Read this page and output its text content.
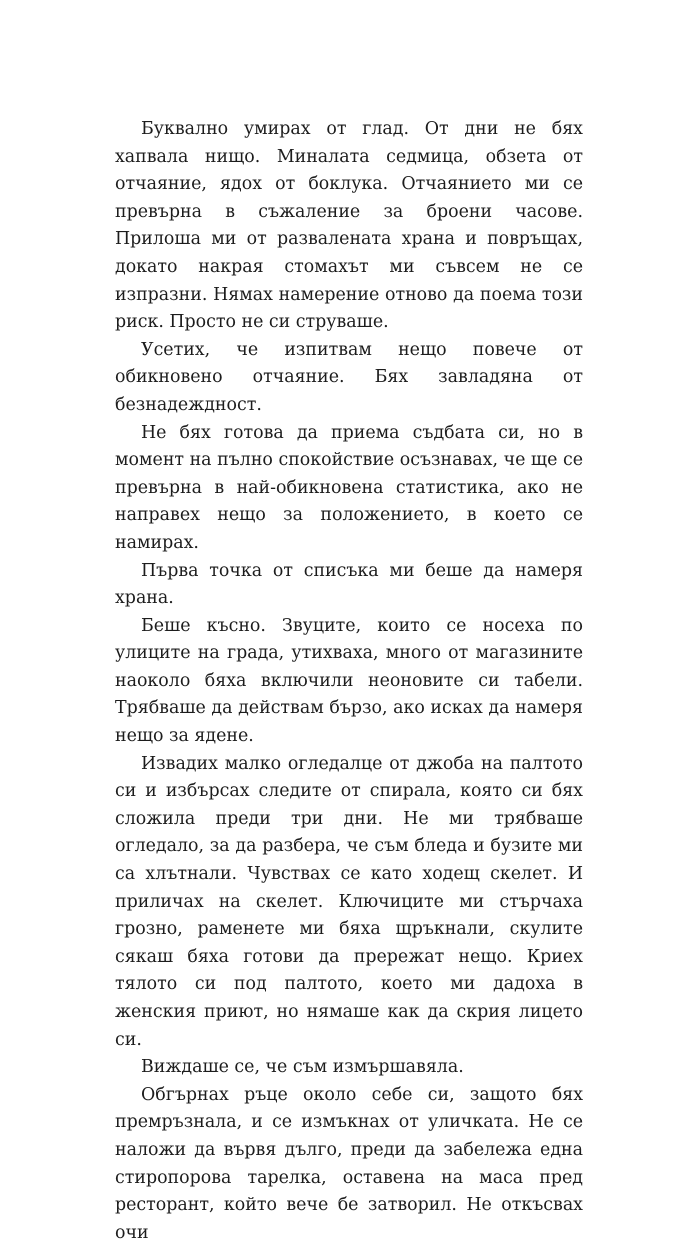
Буквално умирах от глад. От дни не бях хапвала нищо. Миналата седмица, обзета от отчаяние, ядох от боклука. Отчаянието ми се превърна в съжаление за броени часове. Прилоша ми от развалената храна и повръщах, докато накрая стомахът ми съвсем не се изпразни. Нямах намерение отново да поема този риск. Просто не си струваше.

Усетих, че изпитвам нещо повече от обикновено отчаяние. Бях завладяна от безнадеждност.

Не бях готова да приема съдбата си, но в момент на пълно спокойствие осъзнавах, че ще се превърна в най-обикновена статистика, ако не направех нещо за положението, в което се намирах.

Първа точка от списъка ми беше да намеря храна.

Беше късно. Звуците, които се носеха по улиците на града, утихваха, много от магазините наоколо бяха включили неоновите си табели. Трябваше да действам бързо, ако исках да намеря нещо за ядене.

Извадих малко огледалце от джоба на палтото си и избърсах следите от спирала, която си бях сложила преди три дни. Не ми трябваше огледало, за да разбера, че съм бледа и бузите ми са хлътнали. Чувствах се като ходещ скелет. И приличах на скелет. Ключиците ми стърчаха грозно, раменете ми бяха щръкнали, скулите сякаш бяха готови да прережат нещо. Криех тялото си под палтото, което ми дадоха в женския приют, но нямаше как да скрия лицето си.

Виждаше се, че съм измършавяла.

Обгърнах ръце около себе си, защото бях премръзнала, и се измъкнах от уличката. Не се наложи да вървя дълго, преди да забележа една стиропорова тарелка, оставена на маса пред ресторант, който вече бе затворил. Не откъсвах очи
